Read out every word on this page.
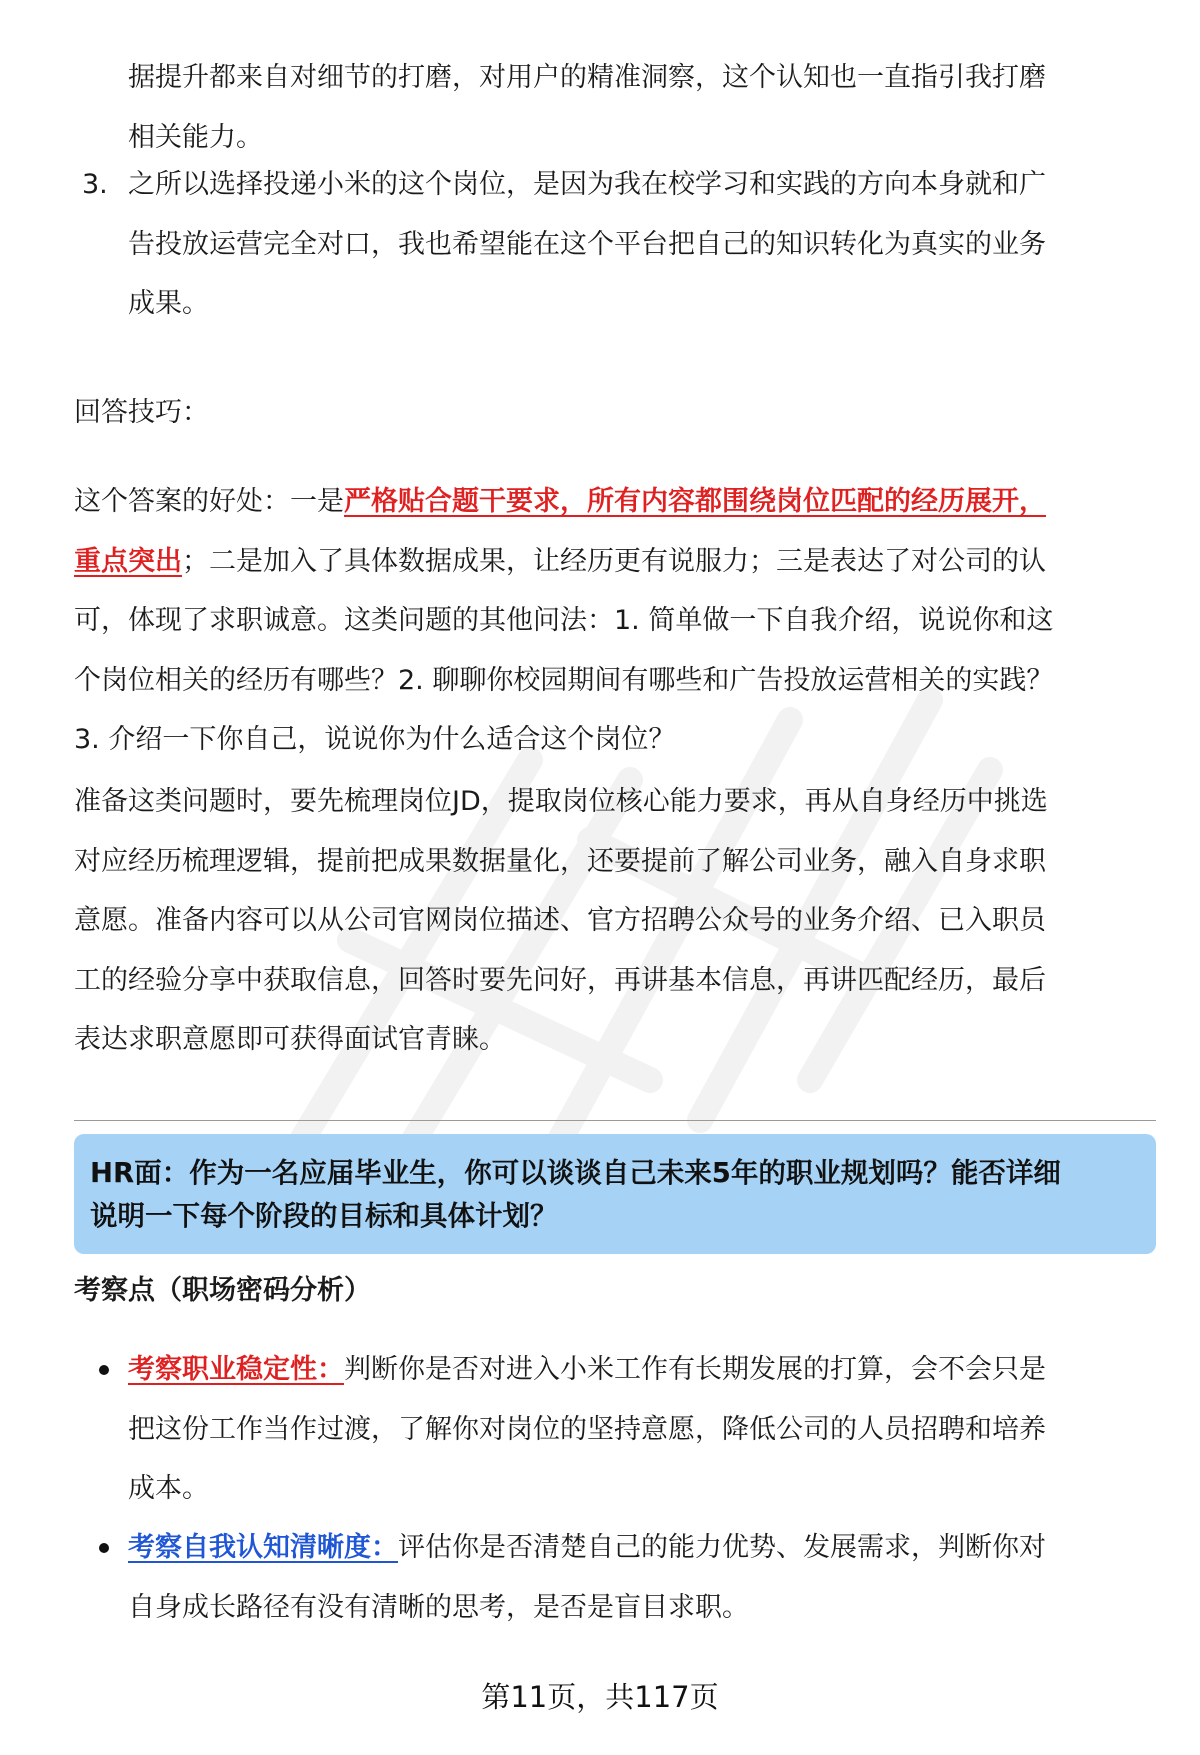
据提升都来自对细节的打磨，对用户的精准洞察，这个认知也一直指引我打磨
相关能力。

3. 之所以选择投递小米的这个岗位，是因为我在校学习和实践的方向本身就和广
告投放运营完全对口，我也希望能在这个平台把自己的知识转化为真实的业务
成果。

回答技巧：

这个答案的好处：一是严格贴合题干要求，所有内容都围绕岗位匹配的经历展开，
重点突出；二是加入了具体数据成果，让经历更有说服力；三是表达了对公司的认
可，体现了求职诚意。这类问题的其他问法：1. 简单做一下自我介绍，说说你和这
个岗位相关的经历有哪些？2. 聊聊你校园期间有哪些和广告投放运营相关的实践？
3. 介绍一下你自己，说说你为什么适合这个岗位？

准备这类问题时，要先梳理岗位JD，提取岗位核心能力要求，再从自身经历中挑选
对应经历梳理逻辑，提前把成果数据量化，还要提前了解公司业务，融入自身求职
意愿。准备内容可以从公司官网岗位描述、官方招聘公众号的业务介绍、已入职员
工的经验分享中获取信息，回答时要先问好，再讲基本信息，再讲匹配经历，最后
表达求职意愿即可获得面试官青睐。

HR面：作为一名应届毕业生，你可以谈谈自己未来5年的职业规划吗？能否详细
说明一下每个阶段的目标和具体计划？

考察点（职场密码分析）

考察职业稳定性：判断你是否对进入小米工作有长期发展的打算，会不会只是
把这份工作当作过渡，了解你对岗位的坚持意愿，降低公司的人员招聘和培养
成本。

考察自我认知清晰度：评估你是否清楚自己的能力优势、发展需求，判断你对
自身成长路径有没有清晰的思考，是否是盲目求职。

第11页，共117页
